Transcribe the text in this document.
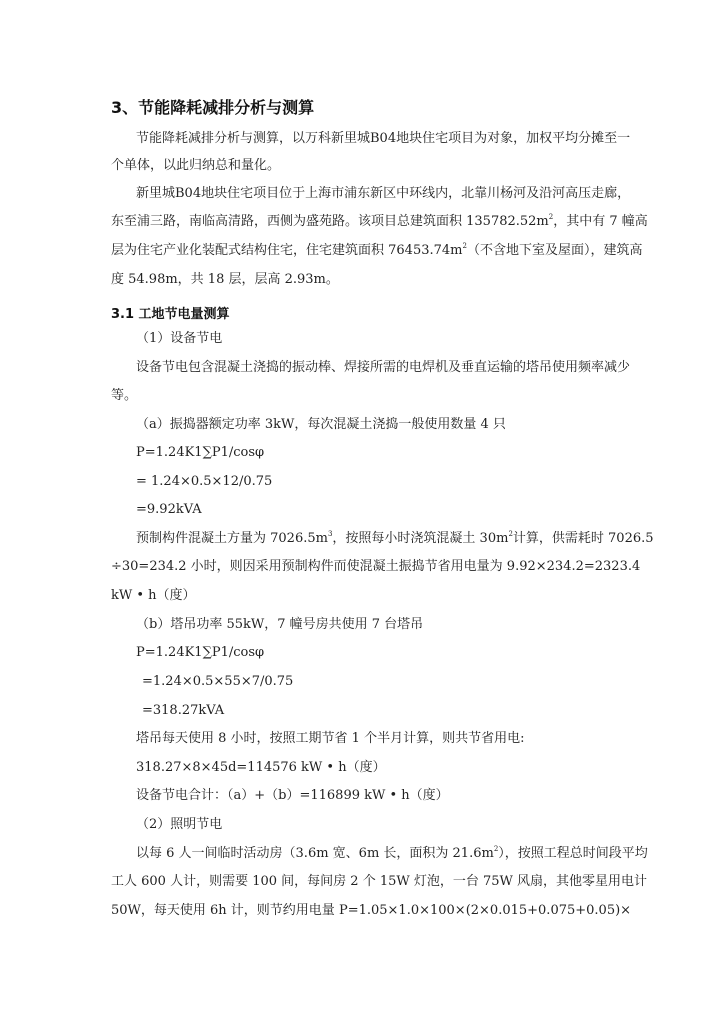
3、节能降耗减排分析与测算
节能降耗减排分析与测算，以万科新里城B04地块住宅项目为对象，加权平均分摊至一
个单体，以此归纳总和量化。
新里城B04地块住宅项目位于上海市浦东新区中环线内，北靠川杨河及沿河高压走廊，
东至浦三路，南临高清路，西侧为盛苑路。该项目总建筑面积 $135782.52m^2$，其中有 7 幢高
层为住宅产业化装配式结构住宅，住宅建筑面积 $76453.74m^2$（不含地下室及屋面），建筑高
度 54.98m，共 18 层，层高 2.93m。
3.1 工地节电量测算
（1）设备节电
设备节电包含混凝土浇捣的振动棒、焊接所需的电焊机及垂直运输的塔吊使用频率减少
等。
（a）振捣器额定功率 3kW，每次混凝土浇捣一般使用数量 4 只
P=1.24K1∑P1/cosφ
= 1.24×0.5×12/0.75
=9.92kVA
预制构件混凝土方量为 $7026.5m^3$，按照每小时浇筑混凝土 $30m^2$计算，供需耗时 7026.5
÷30=234.2 小时，则因采用预制构件而使混凝土振捣节省用电量为 9.92×234.2=2323.4
kW • h（度）
（b）塔吊功率 55kW，7 幢号房共使用 7 台塔吊
P=1.24K1∑P1/cosφ
=1.24×0.5×55×7/0.75
=318.27kVA
塔吊每天使用 8 小时，按照工期节省 1 个半月计算，则共节省用电:
318.27×8×45d=114576 kW • h（度）
设备节电合计：（a）+（b）=116899 kW • h（度）
（2）照明节电
以每 6 人一间临时活动房（3.6m 宽、6m 长，面积为 $21.6m^2$），按照工程总时间段平均
工人 600 人计，则需要 100 间，每间房 2 个 15W 灯泡，一台 75W 风扇，其他零星用电计
50W，每天使用 6h 计，则节约用电量 P=1.05×1.0×100×(2×0.015+0.075+0.05)×
